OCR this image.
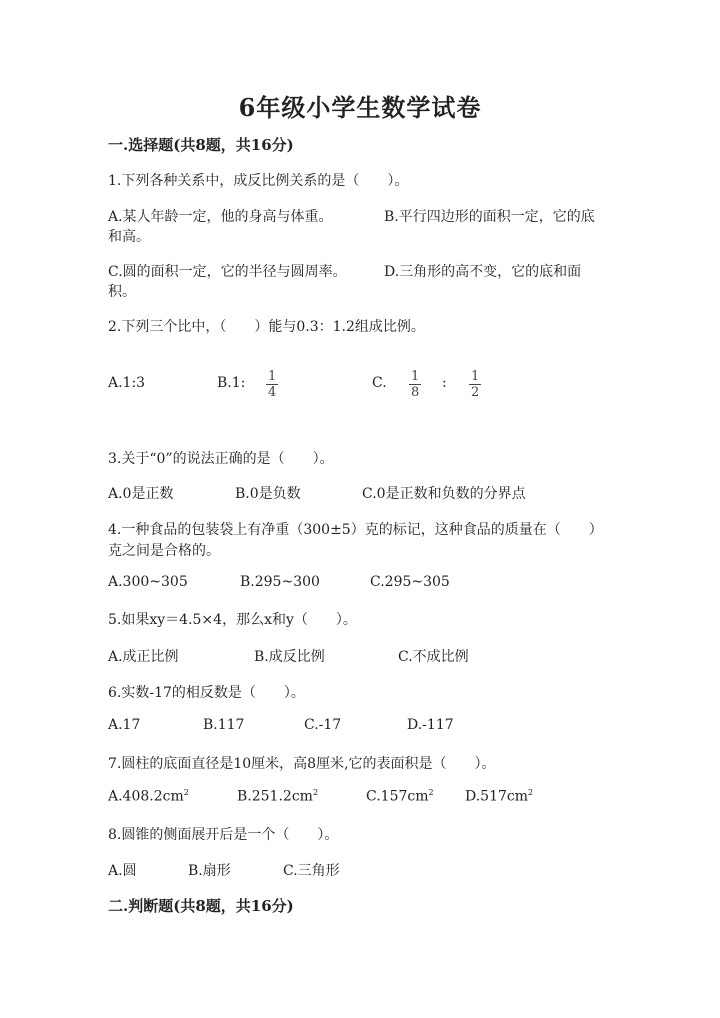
6年级小学生数学试卷
一.选择题(共8题，共16分)
1.下列各种关系中，成反比例关系的是（　　）。
A.某人年龄一定，他的身高与体重。	B.平行四边形的面积一定，它的底
和高。
C.圆的面积一定，它的半径与圆周率。	D.三角形的高不变，它的底和面
积。
2.下列三个比中，（　　）能与0.3：1.2组成比例。
A.1:3	B.1: $\frac{1}{4}$	C. $\frac{1}{8}$ : $\frac{1}{2}$
3.关于“0”的说法正确的是（　　）。
A.0是正数	B.0是负数	C.0是正数和负数的分界点
4.一种食品的包装袋上有净重（300±5）克的标记，这种食品的质量在（　　）
克之间是合格的。
A.300~305	B.295~300	C.295~305
5.如果xy＝4.5×4，那么x和y（　　）。
A.成正比例	B.成反比例	C.不成比例
6.实数-17的相反数是（　　）。
A.17	B.117	C.-17	D.-117
7.圆柱的底面直径是10厘米，高8厘米,它的表面积是（　　）。
$A.408.2cm^2$	$B.251.2cm^2$	$C.157cm^2$ $D.517cm^2$
8.圆锥的侧面展开后是一个（　　）。
A.圆	B.扇形	C.三角形
二.判断题(共8题，共16分)
